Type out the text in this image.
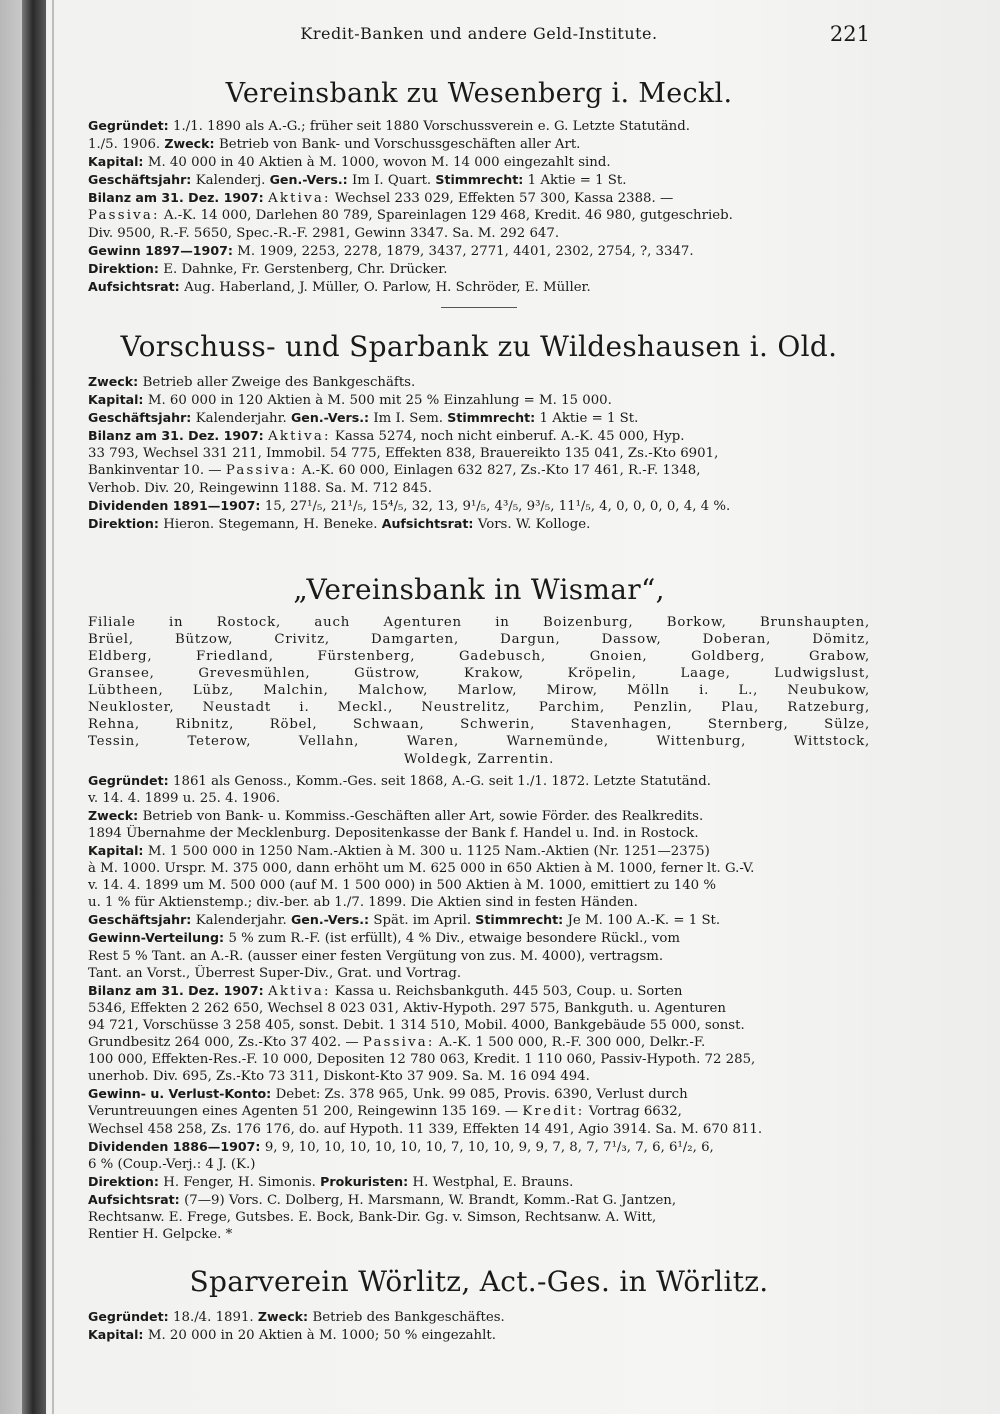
Kredit-Banken und andere Geld-Institute.	221
Vereinsbank zu Wesenberg i. Meckl.

Gegründet: 1./1. 1890 als A.-G.; früher seit 1880 Vorschussverein e. G. Letzte Statutänd.

1./5. 1906. Zweck: Betrieb von Bank- und Vorschussgeschäften aller Art.

Kapital: M. 40 000 in 40 Aktien à M. 1000, wovon M. 14 000 eingezahlt sind.

Geschäftsjahr: Kalenderj. Gen.-Vers.: Im I. Quart. Stimmrecht: 1 Aktie = 1 St.

Bilanz am 31. Dez. 1907: Aktiva: Wechsel 233 029, Effekten 57 300, Kassa 2388. —

Passiva: A.-K. 14 000, Darlehen 80 789, Spareinlagen 129 468, Kredit. 46 980, gutgeschrieb.

Div. 9500, R.-F. 5650, Spec.-R.-F. 2981, Gewinn 3347. Sa. M. 292 647.

Gewinn 1897—1907: M. 1909, 2253, 2278, 1879, 3437, 2771, 4401, 2302, 2754, ?, 3347.

Direktion: E. Dahnke, Fr. Gerstenberg, Chr. Drücker.

Aufsichtsrat: Aug. Haberland, J. Müller, O. Parlow, H. Schröder, E. Müller.

Vorschuss- und Sparbank zu Wildeshausen i. Old.

Zweck: Betrieb aller Zweige des Bankgeschäfts.

Kapital: M. 60 000 in 120 Aktien à M. 500 mit 25 % Einzahlung = M. 15 000.

Geschäftsjahr: Kalenderjahr. Gen.-Vers.: Im I. Sem. Stimmrecht: 1 Aktie = 1 St.

Bilanz am 31. Dez. 1907: Aktiva: Kassa 5274, noch nicht einberuf. A.-K. 45 000, Hyp.

33 793, Wechsel 331 211, Immobil. 54 775, Effekten 838, Brauereikto 135 041, Zs.-Kto 6901,

Bankinventar 10. — Passiva: A.-K. 60 000, Einlagen 632 827, Zs.-Kto 17 461, R.-F. 1348,

Verhob. Div. 20, Reingewinn 1188. Sa. M. 712 845.

Dividenden 1891—1907: 15, 27¹/₅, 21¹/₅, 15⁴/₅, 32, 13, 9¹/₅, 4³/₅, 9³/₅, 11¹/₅, 4, 0, 0, 0, 0, 4, 4 %.

Direktion: Hieron. Stegemann, H. Beneke. Aufsichtsrat: Vors. W. Kolloge.

„Vereinsbank in Wismar“,

Filiale in Rostock, auch Agenturen in Boizenburg, Borkow, Brunshaupten,

Brüel, Bützow, Crivitz, Damgarten, Dargun, Dassow, Doberan, Dömitz,

Eldberg, Friedland, Fürstenberg, Gadebusch, Gnoien, Goldberg, Grabow,

Gransee, Grevesmühlen, Güstrow, Krakow, Kröpelin, Laage, Ludwigslust,

Lübtheen, Lübz, Malchin, Malchow, Marlow, Mirow, Mölln i. L., Neubukow,

Neukloster, Neustadt i. Meckl., Neustrelitz, Parchim, Penzlin, Plau, Ratzeburg,

Rehna, Ribnitz, Röbel, Schwaan, Schwerin, Stavenhagen, Sternberg, Sülze,

Tessin, Teterow, Vellahn, Waren, Warnemünde, Wittenburg, Wittstock,

Woldegk, Zarrentin.

Gegründet: 1861 als Genoss., Komm.-Ges. seit 1868, A.-G. seit 1./1. 1872. Letzte Statutänd.

v. 14. 4. 1899 u. 25. 4. 1906.

Zweck: Betrieb von Bank- u. Kommiss.-Geschäften aller Art, sowie Förder. des Realkredits.

1894 Übernahme der Mecklenburg. Depositenkasse der Bank f. Handel u. Ind. in Rostock.

Kapital: M. 1 500 000 in 1250 Nam.-Aktien à M. 300 u. 1125 Nam.-Aktien (Nr. 1251—2375)

à M. 1000. Urspr. M. 375 000, dann erhöht um M. 625 000 in 650 Aktien à M. 1000, ferner lt. G.-V.

v. 14. 4. 1899 um M. 500 000 (auf M. 1 500 000) in 500 Aktien à M. 1000, emittiert zu 140 %

u. 1 % für Aktienstemp.; div.-ber. ab 1./7. 1899. Die Aktien sind in festen Händen.

Geschäftsjahr: Kalenderjahr. Gen.-Vers.: Spät. im April. Stimmrecht: Je M. 100 A.-K. = 1 St.

Gewinn-Verteilung: 5 % zum R.-F. (ist erfüllt), 4 % Div., etwaige besondere Rückl., vom

Rest 5 % Tant. an A.-R. (ausser einer festen Vergütung von zus. M. 4000), vertragsm.

Tant. an Vorst., Überrest Super-Div., Grat. und Vortrag.

Bilanz am 31. Dez. 1907: Aktiva: Kassa u. Reichsbankguth. 445 503, Coup. u. Sorten

5346, Effekten 2 262 650, Wechsel 8 023 031, Aktiv-Hypoth. 297 575, Bankguth. u. Agenturen

94 721, Vorschüsse 3 258 405, sonst. Debit. 1 314 510, Mobil. 4000, Bankgebäude 55 000, sonst.

Grundbesitz 264 000, Zs.-Kto 37 402. — Passiva: A.-K. 1 500 000, R.-F. 300 000, Delkr.-F.

100 000, Effekten-Res.-F. 10 000, Depositen 12 780 063, Kredit. 1 110 060, Passiv-Hypoth. 72 285,

unerhob. Div. 695, Zs.-Kto 73 311, Diskont-Kto 37 909. Sa. M. 16 094 494.

Gewinn- u. Verlust-Konto: Debet: Zs. 378 965, Unk. 99 085, Provis. 6390, Verlust durch

Veruntreuungen eines Agenten 51 200, Reingewinn 135 169. — Kredit: Vortrag 6632,

Wechsel 458 258, Zs. 176 176, do. auf Hypoth. 11 339, Effekten 14 491, Agio 3914. Sa. M. 670 811.

Dividenden 1886—1907: 9, 9, 10, 10, 10, 10, 10, 10, 7, 10, 10, 9, 9, 7, 8, 7, 7¹/₃, 7, 6, 6¹/₂, 6,

6 % (Coup.-Verj.: 4 J. (K.)

Direktion: H. Fenger, H. Simonis. Prokuristen: H. Westphal, E. Brauns.

Aufsichtsrat: (7—9) Vors. C. Dolberg, H. Marsmann, W. Brandt, Komm.-Rat G. Jantzen,

Rechtsanw. E. Frege, Gutsbes. E. Bock, Bank-Dir. Gg. v. Simson, Rechtsanw. A. Witt,

Rentier H. Gelpcke. *

Sparverein Wörlitz, Act.-Ges. in Wörlitz.

Gegründet: 18./4. 1891. Zweck: Betrieb des Bankgeschäftes.

Kapital: M. 20 000 in 20 Aktien à M. 1000; 50 % eingezahlt.
